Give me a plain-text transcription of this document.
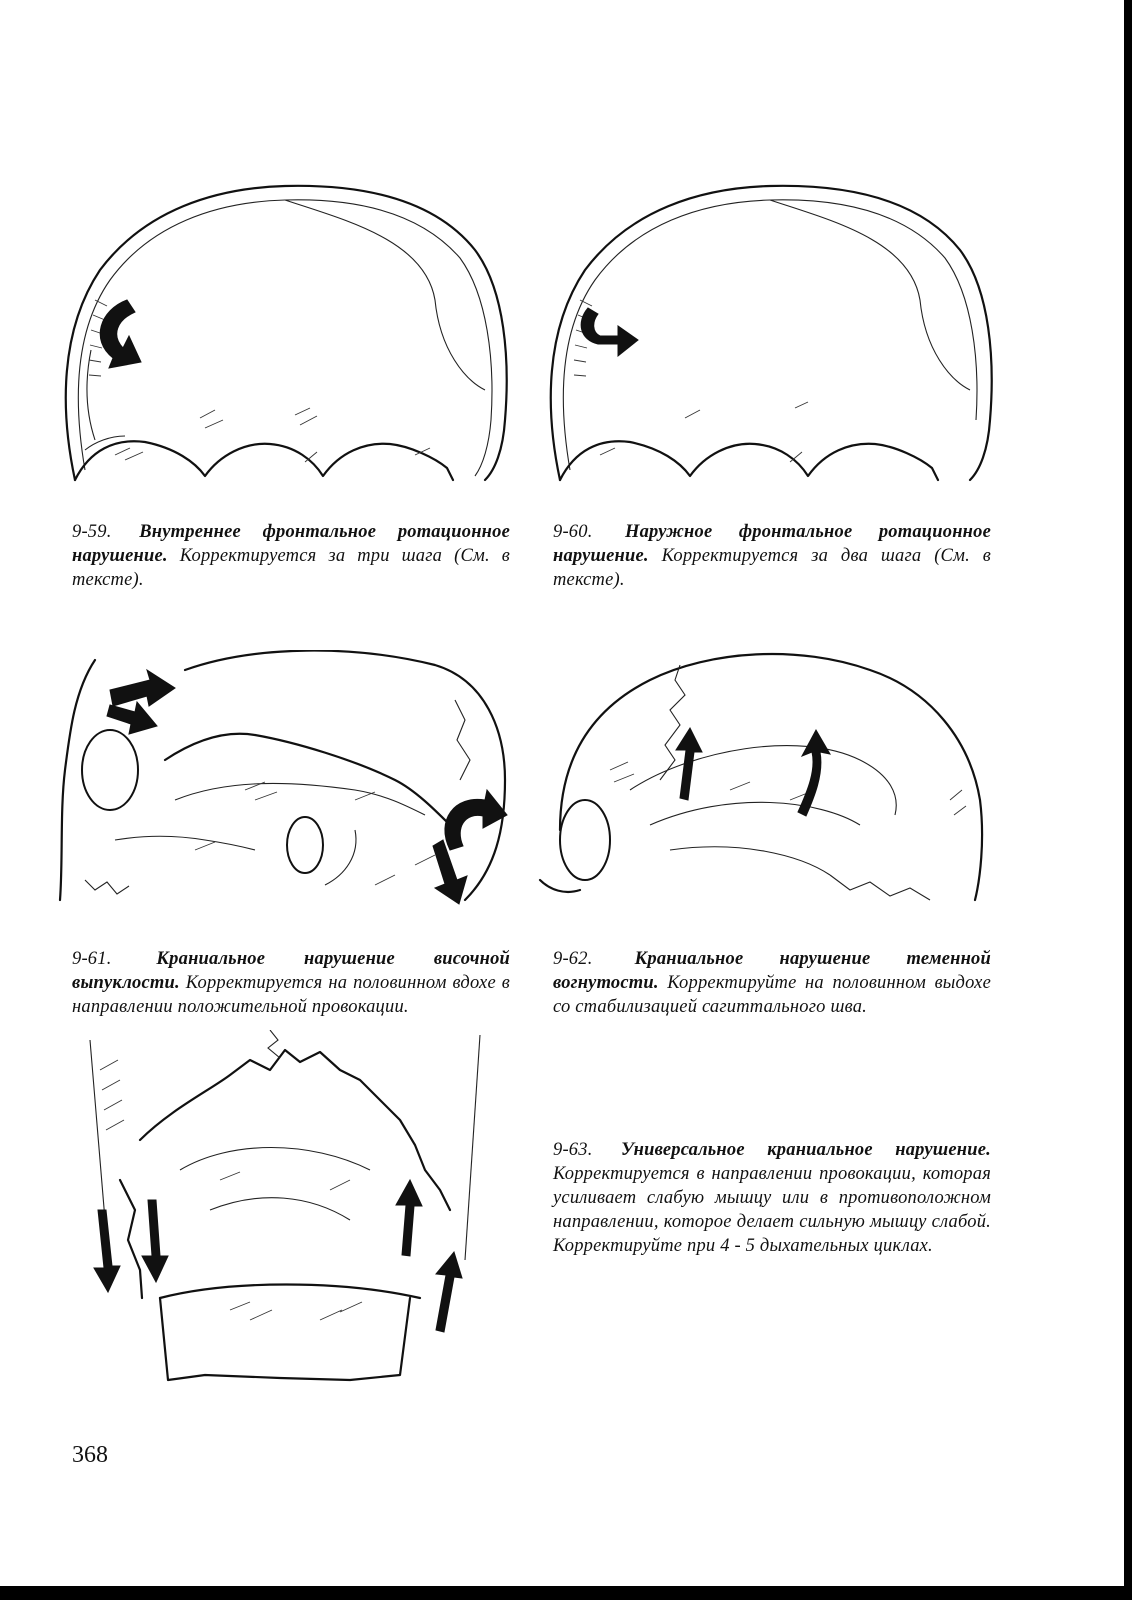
9-59. Внутреннее фронтальное ротационное нарушение. Корректируется за три шага (См. в тексте).
9-60. Наружное фронтальное ротационное нарушение. Корректируется за два шага (См. в тексте).
9-61. Краниальное нарушение височной выпуклости. Корректируется на половинном вдохе в направлении положительной провокации.
9-62. Краниальное нарушение теменной вогнутости. Корректируйте на половинном выдохе со стабилизацией сагиттального шва.
9-63. Универсальное краниальное нарушение. Корректируется в направлении провокации, которая усиливает слабую мышцу или в противоположном направлении, которое делает сильную мышцу слабой. Корректируйте при 4 - 5 дыхательных циклах.
368
